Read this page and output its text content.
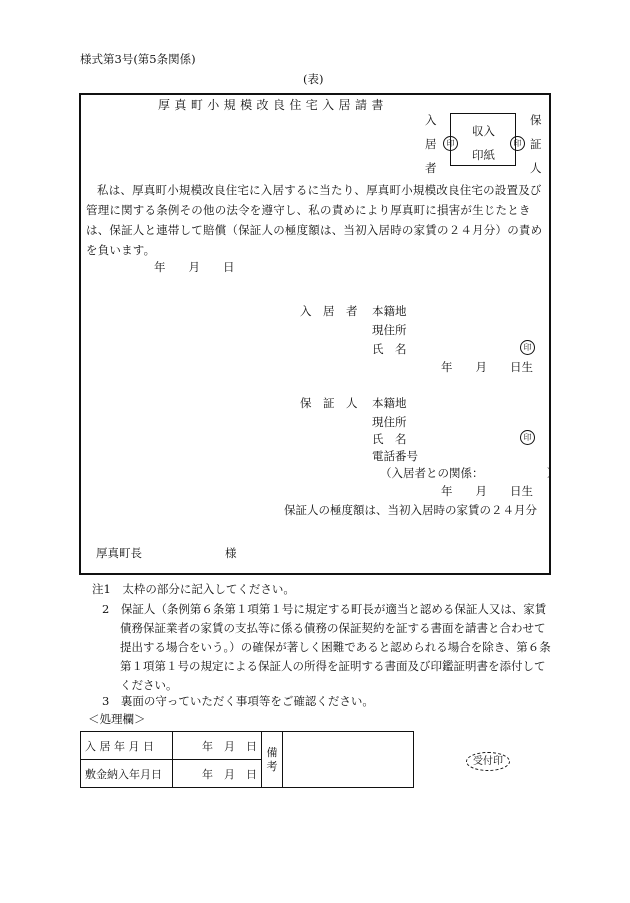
様式第3号(第5条関係)
(表)
厚 真 町 小 規 模 改 良 住 宅 入 居 請 書
入
居
者
印
収入
印紙
印
保
証
人
私は、厚真町小規模改良住宅に入居するに当たり、厚真町小規模改良住宅の設置及び管理に関する条例その他の法令を遵守し、私の責めにより厚真町に損害が生じたときは、保証人と連帯して賠償（保証人の極度額は、当初入居時の家賃の２４月分）の責めを負います。
年　　月　　日
入　居　者 本籍地
現住所
氏　名	印
年　　月　　日生
保　証　人 本籍地
現住所
氏　名	印
電話番号
（入居者との関係：　　　　　　）
年　　月　　日生
保証人の極度額は、当初入居時の家賃の２４月分
厚真町長	様
注1　太枠の部分に記入してください。
2　保証人（条例第６条第１項第１号に規定する町長が適当と認める保証人又は、家賃
債務保証業者の家賃の支払等に係る債務の保証契約を証する書面を請書と合わせて
提出する場合をいう。）の確保が著しく困難であると認められる場合を除き、第６条
第１項第１号の規定による保証人の所得を証明する書面及び印鑑証明書を添付して
ください。
3　裏面の守っていただく事項等をご確認ください。
＜処理欄＞
入 居 年 月 日	年　月　日	備考	
敷金納入年月日	年　月　日		
受付印
